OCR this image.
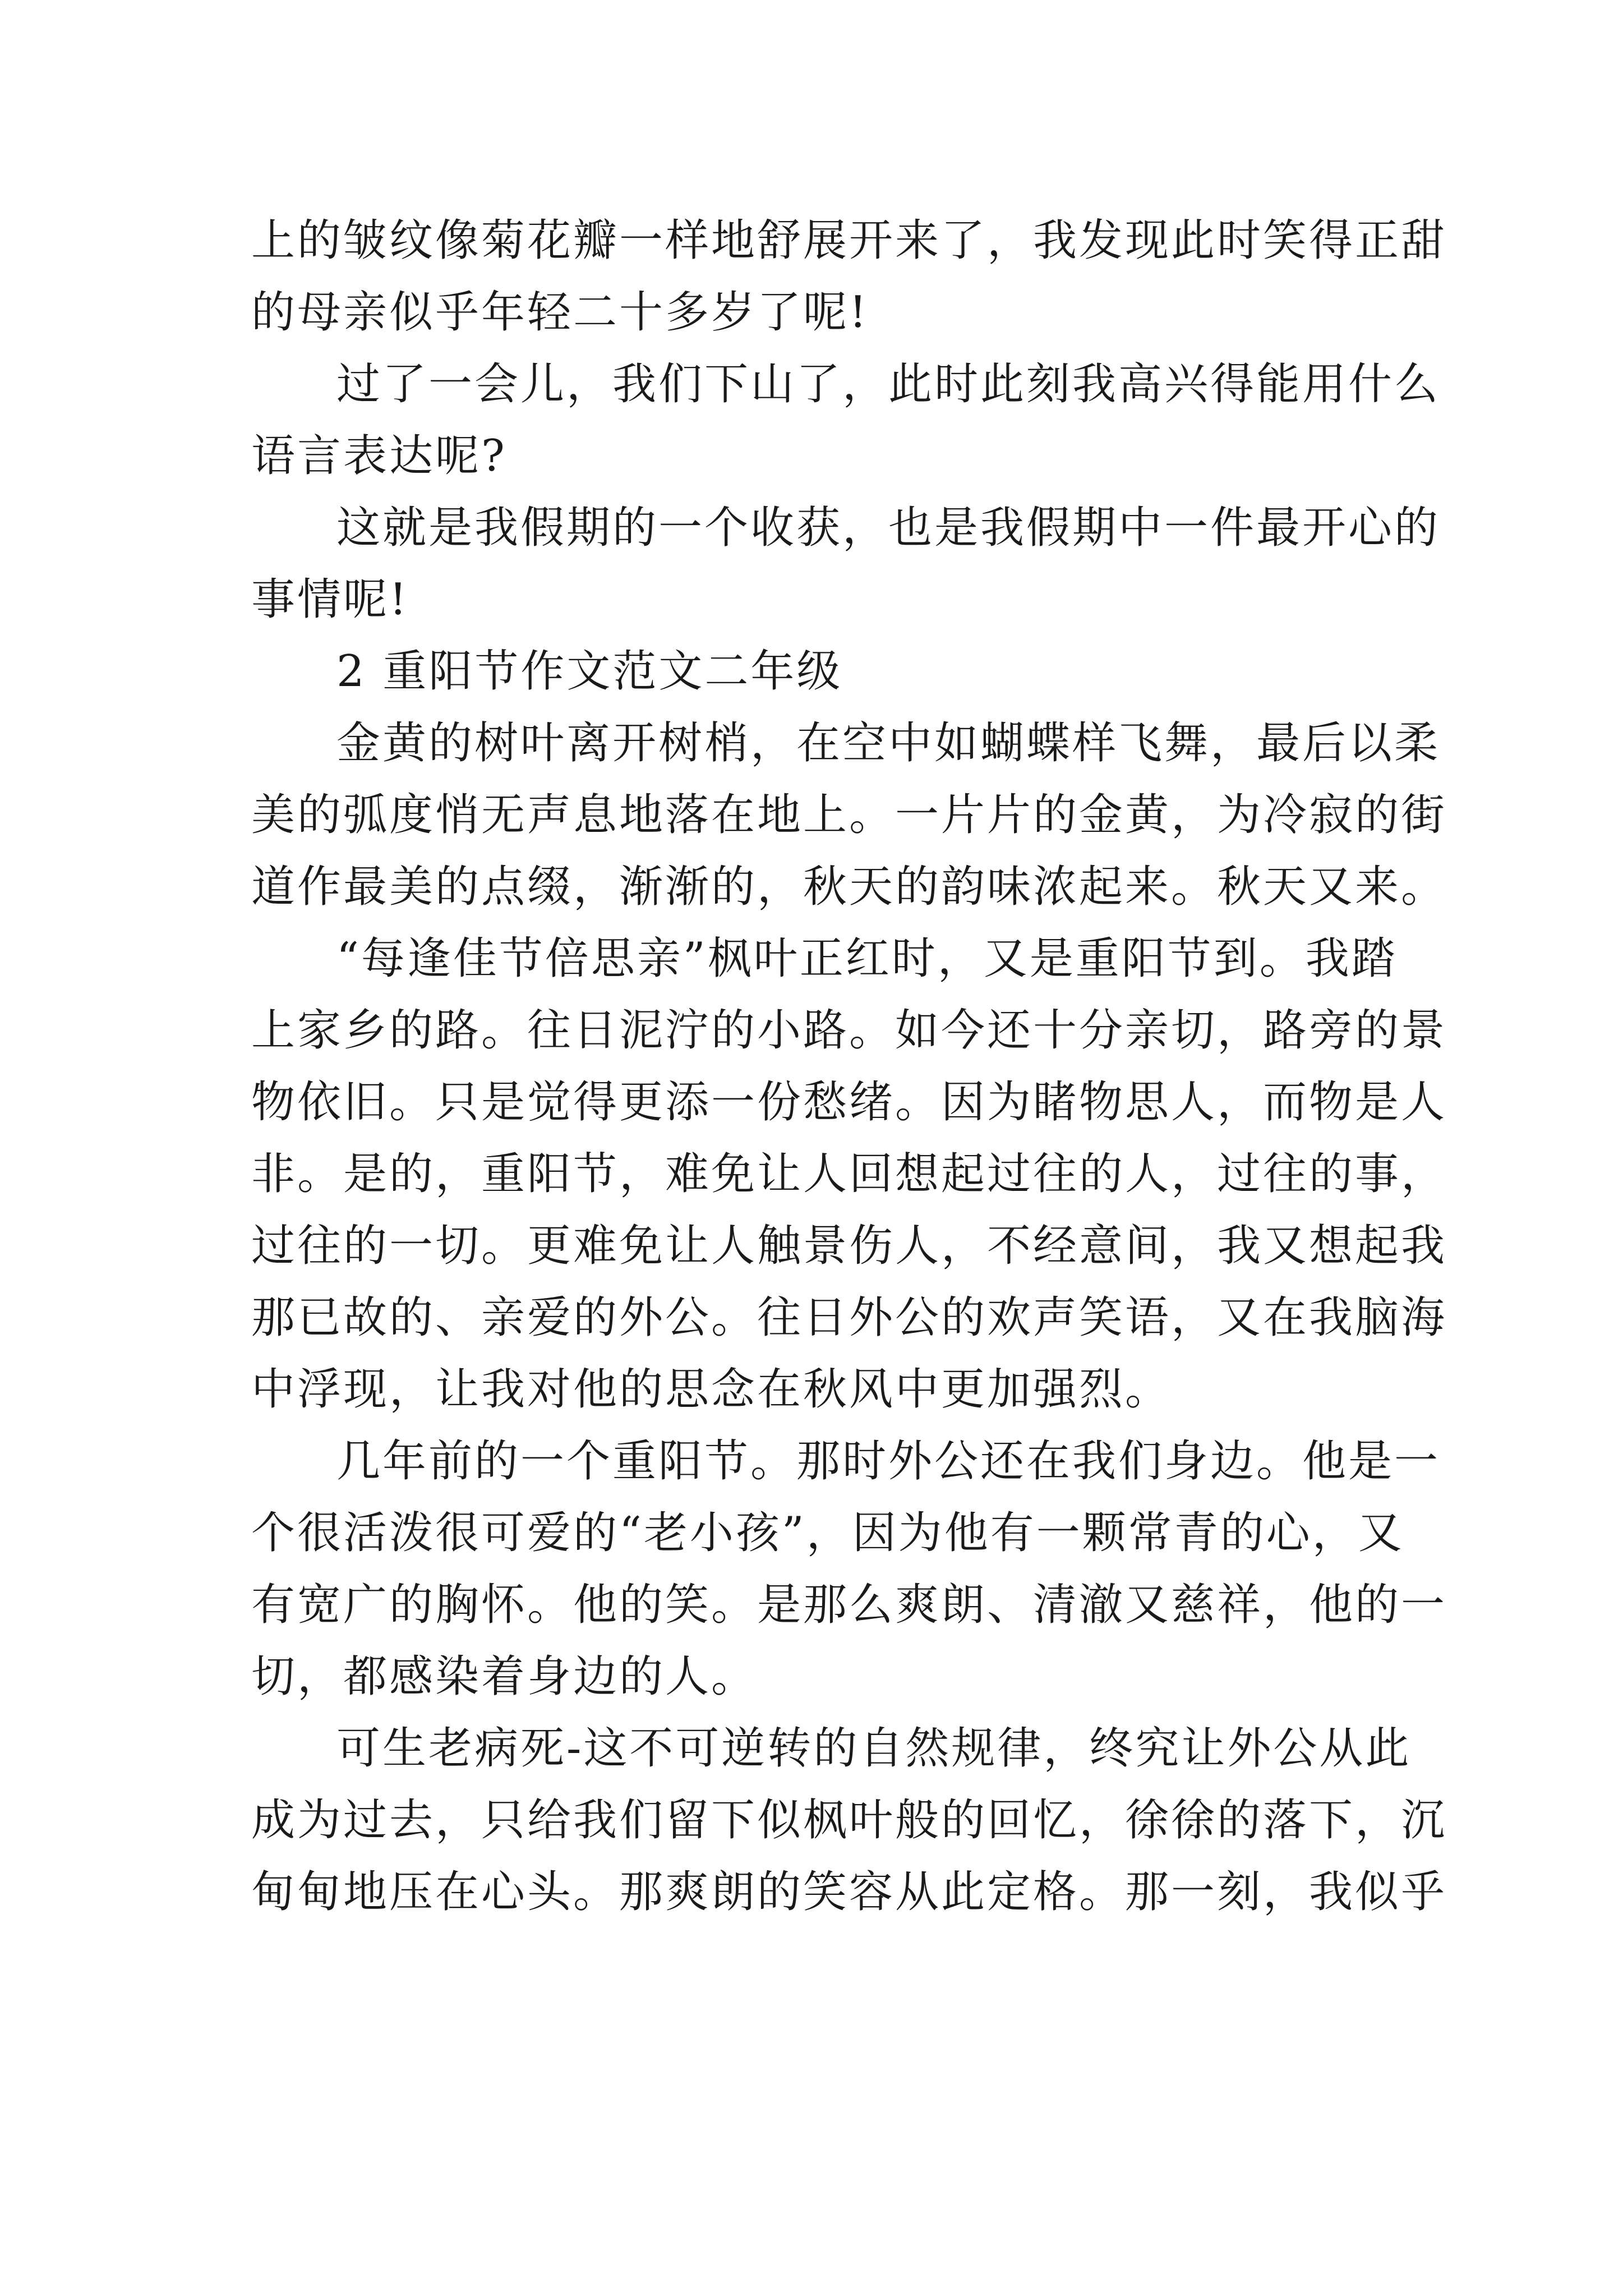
上的皱纹像菊花瓣一样地舒展开来了，我发现此时笑得正甜
的母亲似乎年轻二十多岁了呢!
过了一会儿，我们下山了，此时此刻我高兴得能用什么
语言表达呢?
这就是我假期的一个收获，也是我假期中一件最开心的
事情呢!
2 重阳节作文范文二年级
金黄的树叶离开树梢，在空中如蝴蝶样飞舞，最后以柔
美的弧度悄无声息地落在地上。一片片的金黄，为冷寂的街
道作最美的点缀，渐渐的，秋天的韵味浓起来。秋天又来。
“每逢佳节倍思亲”枫叶正红时，又是重阳节到。我踏
上家乡的路。往日泥泞的小路。如今还十分亲切，路旁的景
物依旧。只是觉得更添一份愁绪。因为睹物思人，而物是人
非。是的，重阳节，难免让人回想起过往的人，过往的事，
过往的一切。更难免让人触景伤人，不经意间，我又想起我
那已故的、亲爱的外公。往日外公的欢声笑语，又在我脑海
中浮现，让我对他的思念在秋风中更加强烈。
几年前的一个重阳节。那时外公还在我们身边。他是一
个很活泼很可爱的“老小孩”，因为他有一颗常青的心，又
有宽广的胸怀。他的笑。是那么爽朗、清澈又慈祥，他的一
切，都感染着身边的人。
可生老病死-这不可逆转的自然规律，终究让外公从此
成为过去，只给我们留下似枫叶般的回忆，徐徐的落下，沉
甸甸地压在心头。那爽朗的笑容从此定格。那一刻，我似乎
